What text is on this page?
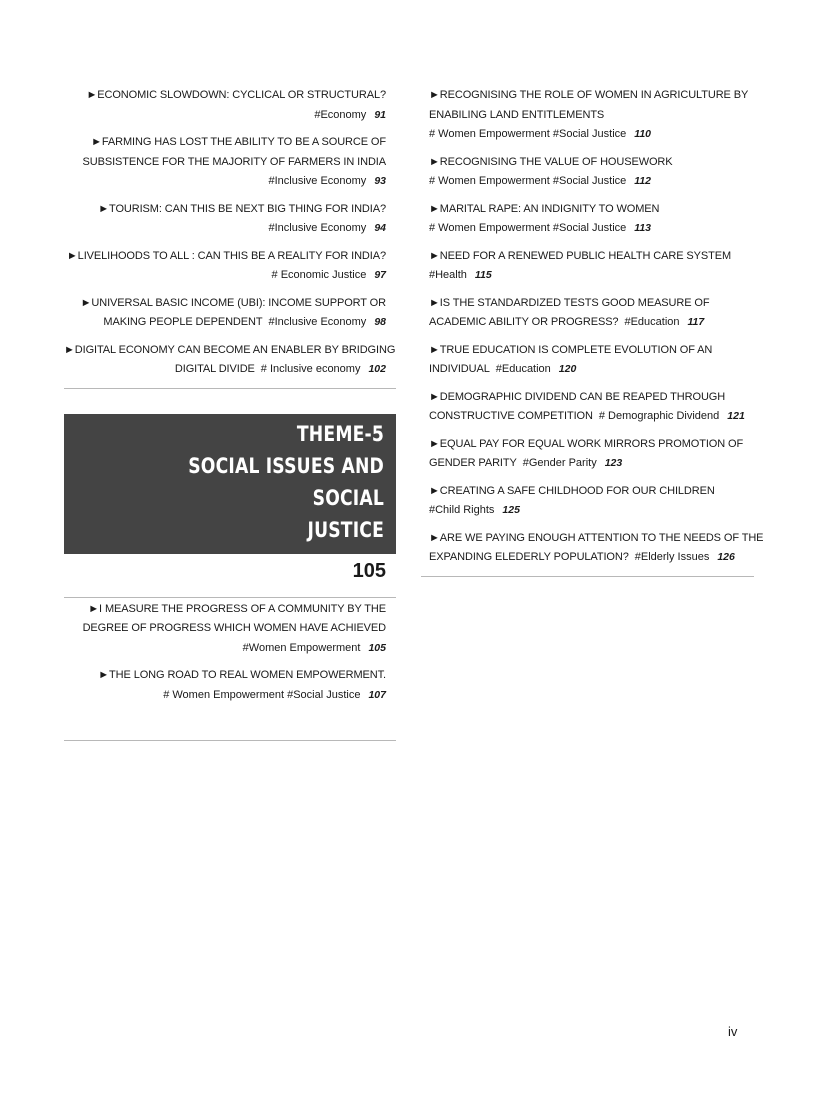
►ECONOMIC SLOWDOWN: CYCLICAL OR STRUCTURAL?
#Economy 91
►FARMING HAS LOST THE ABILITY TO BE A SOURCE OF
SUBSISTENCE FOR THE MAJORITY OF FARMERS IN INDIA
#Inclusive Economy 93
►TOURISM: CAN THIS BE NEXT BIG THING FOR INDIA?
#Inclusive Economy 94
►LIVELIHOODS TO ALL : CAN THIS BE A REALITY FOR INDIA?
# Economic Justice 97
►UNIVERSAL BASIC INCOME (UBI): INCOME SUPPORT OR
MAKING PEOPLE DEPENDENT #Inclusive Economy 98
►DIGITAL ECONOMY CAN BECOME AN ENABLER BY BRIDGING
DIGITAL DIVIDE # Inclusive economy 102
THEME-5
SOCIAL ISSUES AND SOCIAL
JUSTICE
105
►I MEASURE THE PROGRESS OF A COMMUNITY BY THE
DEGREE OF PROGRESS WHICH WOMEN HAVE ACHIEVED
#Women Empowerment 105
►THE LONG ROAD TO REAL WOMEN EMPOWERMENT.
# Women Empowerment #Social Justice 107
►RECOGNISING THE ROLE OF WOMEN IN AGRICULTURE BY
ENABILING LAND ENTITLEMENTS
# Women Empowerment #Social Justice 110
►RECOGNISING THE VALUE OF HOUSEWORK
# Women Empowerment #Social Justice 112
►MARITAL RAPE: AN INDIGNITY TO WOMEN
# Women Empowerment #Social Justice 113
►NEED FOR A RENEWED PUBLIC HEALTH CARE SYSTEM
#Health 115
►IS THE STANDARDIZED TESTS GOOD MEASURE OF
ACADEMIC ABILITY OR PROGRESS? #Education 117
►TRUE EDUCATION IS COMPLETE EVOLUTION OF AN
INDIVIDUAL #Education 120
►DEMOGRAPHIC DIVIDEND CAN BE REAPED THROUGH
CONSTRUCTIVE COMPETITION # Demographic Dividend 121
►EQUAL PAY FOR EQUAL WORK MIRRORS PROMOTION OF
GENDER PARITY #Gender Parity 123
►CREATING A SAFE CHILDHOOD FOR OUR CHILDREN
#Child Rights 125
►ARE WE PAYING ENOUGH ATTENTION TO THE NEEDS OF THE
EXPANDING ELEDERLY POPULATION? #Elderly Issues 126
iv
